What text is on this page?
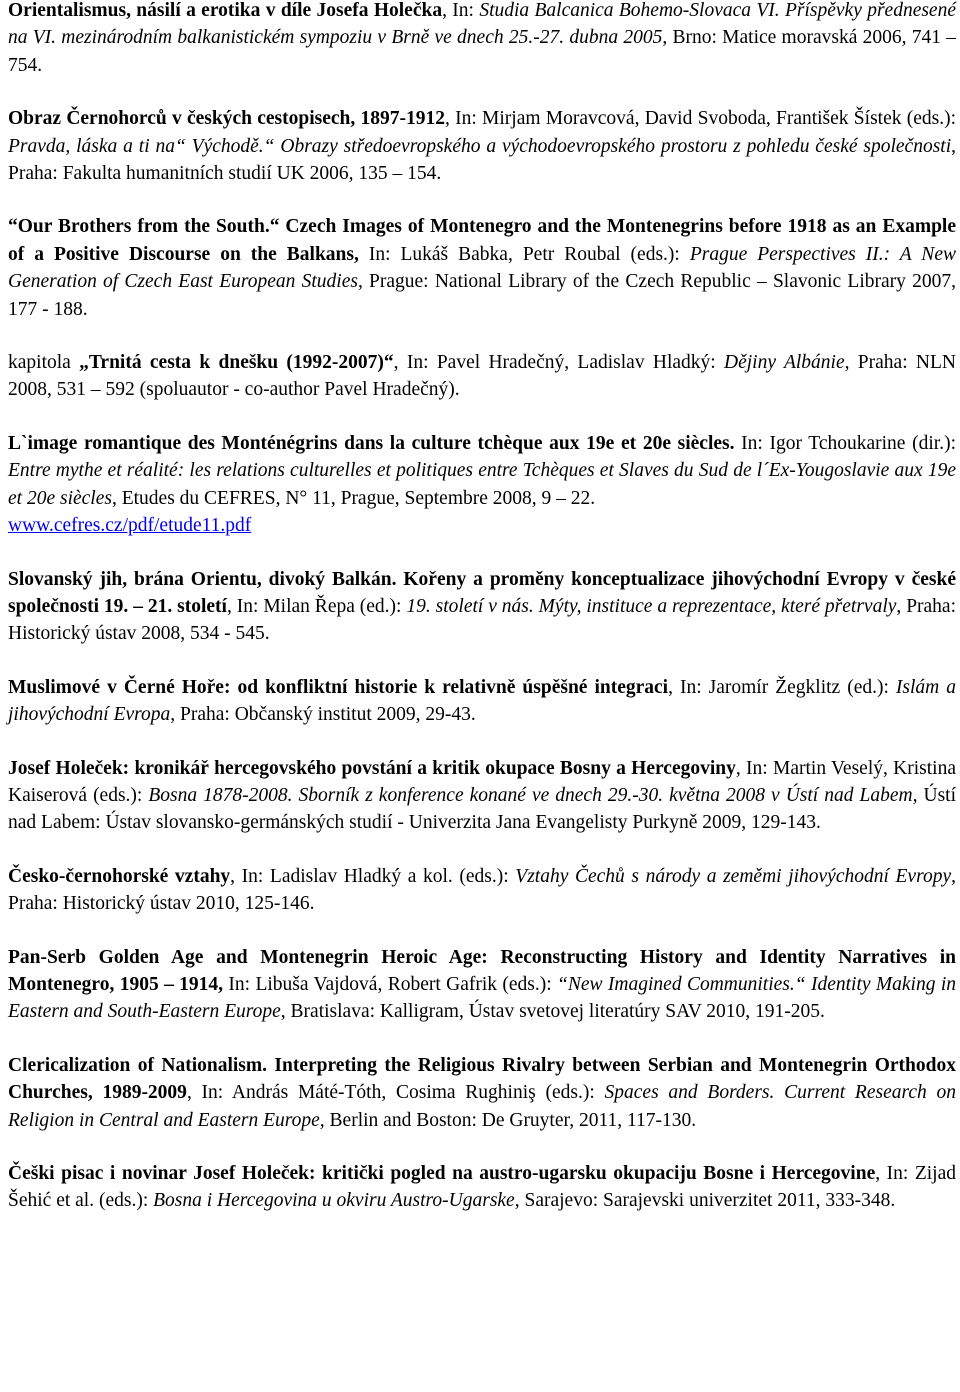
Orientalismus, násilí a erotika v díle Josefa Holečka, In: Studia Balcanica Bohemo-Slovaca VI. Příspěvky přednesené na VI. mezinárodním balkanistickém sympoziu v Brně ve dnech 25.-27. dubna 2005, Brno: Matice moravská 2006, 741 – 754.

Obraz Černohorců v českých cestopisech, 1897-1912, In: Mirjam Moravcová, David Svoboda, František Šístek (eds.): Pravda, láska a ti na“ Východě.“ Obrazy středoevropského a východoevropského prostoru z pohledu české společnosti, Praha: Fakulta humanitních studií UK 2006, 135 – 154.

“Our Brothers from the South.“ Czech Images of Montenegro and the Montenegrins before 1918 as an Example of a Positive Discourse on the Balkans, In: Lukáš Babka, Petr Roubal (eds.): Prague Perspectives II.: A New Generation of Czech East European Studies, Prague: National Library of the Czech Republic – Slavonic Library 2007, 177 - 188.

kapitola „Trnitá cesta k dnešku (1992-2007)“, In: Pavel Hradečný, Ladislav Hladký: Dějiny Albánie, Praha: NLN 2008, 531 – 592 (spoluautor - co-author Pavel Hradečný).

L`image romantique des Monténégrins dans la culture tchèque aux 19e et 20e siècles. In: Igor Tchoukarine (dir.): Entre mythe et réalité: les relations culturelles et politiques entre Tchèques et Slaves du Sud de l´Ex-Yougoslavie aux 19e et 20e siècles, Etudes du CEFRES, N° 11, Prague, Septembre 2008, 9 – 22.
www.cefres.cz/pdf/etude11.pdf

Slovanský jih, brána Orientu, divoký Balkán. Kořeny a proměny konceptualizace jihovýchodní Evropy v české společnosti 19. – 21. století, In: Milan Řepa (ed.): 19. století v nás. Mýty, instituce a reprezentace, které přetrvaly, Praha: Historický ústav 2008, 534 - 545.

Muslimové v Černé Hoře: od konfliktní historie k relativně úspěšné integraci, In: Jaromír Žegklitz (ed.): Islám a jihovýchodní Evropa, Praha: Občanský institut 2009, 29-43.

Josef Holeček: kronikář hercegovského povstání a kritik okupace Bosny a Hercegoviny, In: Martin Veselý, Kristina Kaiserová (eds.): Bosna 1878-2008. Sborník z konference konané ve dnech 29.-30. května 2008 v Ústí nad Labem, Ústí nad Labem: Ústav slovansko-germánských studií - Univerzita Jana Evangelisty Purkyně 2009, 129-143.

Česko-černohorské vztahy, In: Ladislav Hladký a kol. (eds.): Vztahy Čechů s národy a zeměmi jihovýchodní Evropy, Praha: Historický ústav 2010, 125-146.

Pan-Serb Golden Age and Montenegrin Heroic Age: Reconstructing History and Identity Narratives in Montenegro, 1905 – 1914, In: Libuša Vajdová, Robert Gafrik (eds.): “New Imagined Communities.“ Identity Making in Eastern and South-Eastern Europe, Bratislava: Kalligram, Ústav svetovej literatúry SAV 2010, 191-205.

Clericalization of Nationalism. Interpreting the Religious Rivalry between Serbian and Montenegrin Orthodox Churches, 1989-2009, In: András Máté-Tóth, Cosima Rughiniş (eds.): Spaces and Borders. Current Research on Religion in Central and Eastern Europe, Berlin and Boston: De Gruyter, 2011, 117-130.

Češki pisac i novinar Josef Holeček: kritički pogled na austro-ugarsku okupaciju Bosne i Hercegovine, In: Zijad Šehić et al. (eds.): Bosna i Hercegovina u okviru Austro-Ugarske, Sarajevo: Sarajevski univerzitet 2011, 333-348.
